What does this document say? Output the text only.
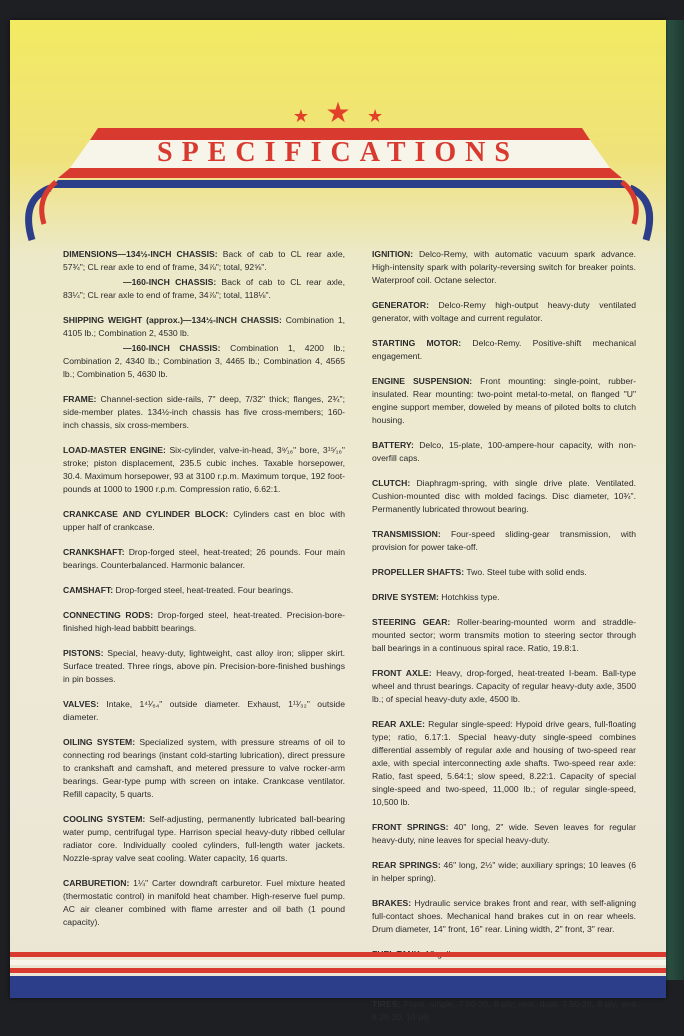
★ ★ ★
SPECIFICATIONS

DIMENSIONS—134½-INCH CHASSIS: Back of cab to CL rear axle, 57¾"; CL rear axle to end of frame, 34⅞"; total, 92⅝".

—160-INCH CHASSIS: Back of cab to CL rear axle, 83¼"; CL rear axle to end of frame, 34⅞"; total, 118⅛".

SHIPPING WEIGHT (approx.)—134½-INCH CHASSIS: Combination 1, 4105 lb.; Combination 2, 4530 lb.

—160-INCH CHASSIS: Combination 1, 4200 lb.; Combination 2, 4340 lb.; Combination 3, 4465 lb.; Combination 4, 4565 lb.; Combination 5, 4630 lb.

FRAME: Channel-section side-rails, 7" deep, 7/32" thick; flanges, 2¾"; side-member plates. 134½-inch chassis has five cross-members; 160-inch chassis, six cross-members.

LOAD-MASTER ENGINE: Six-cylinder, valve-in-head, 3⁹⁄₁₆" bore, 3¹⁵⁄₁₆" stroke; piston displacement, 235.5 cubic inches. Taxable horsepower, 30.4. Maximum horsepower, 93 at 3100 r.p.m. Maximum torque, 192 foot-pounds at 1000 to 1900 r.p.m. Compression ratio, 6.62:1.

CRANKCASE AND CYLINDER BLOCK: Cylinders cast en bloc with upper half of crankcase.

CRANKSHAFT: Drop-forged steel, heat-treated; 26 pounds. Four main bearings. Counterbalanced. Harmonic balancer.

CAMSHAFT: Drop-forged steel, heat-treated. Four bearings.

CONNECTING RODS: Drop-forged steel, heat-treated. Precision-bore-finished high-lead babbitt bearings.

PISTONS: Special, heavy-duty, lightweight, cast alloy iron; slipper skirt. Surface treated. Three rings, above pin. Precision-bore-finished bushings in pin bosses.

VALVES: Intake, 1⁴¹⁄₆₄" outside diameter. Exhaust, 1¹¹⁄₃₂" outside diameter.

OILING SYSTEM: Specialized system, with pressure streams of oil to connecting rod bearings (instant cold-starting lubrication), direct pressure to crankshaft and camshaft, and metered pressure to valve rocker-arm bearings. Gear-type pump with screen on intake. Crankcase ventilator. Refill capacity, 5 quarts.

COOLING SYSTEM: Self-adjusting, permanently lubricated ball-bearing water pump, centrifugal type. Harrison special heavy-duty ribbed cellular radiator core. Individually cooled cylinders, full-length water jackets. Nozzle-spray valve seat cooling. Water capacity, 16 quarts.

CARBURETION: 1¼" Carter downdraft carburetor. Fuel mixture heated (thermostatic control) in manifold heat chamber. High-reserve fuel pump. AC air cleaner combined with flame arrester and oil bath (1 pound capacity).

IGNITION: Delco-Remy, with automatic vacuum spark advance. High-intensity spark with polarity-reversing switch for breaker points. Waterproof coil. Octane selector.

GENERATOR: Delco-Remy high-output heavy-duty ventilated generator, with voltage and current regulator.

STARTING MOTOR: Delco-Remy. Positive-shift mechanical engagement.

ENGINE SUSPENSION: Front mounting: single-point, rubber-insulated. Rear mounting: two-point metal-to-metal, on flanged "U" engine support member, doweled by means of piloted bolts to clutch housing.

BATTERY: Delco, 15-plate, 100-ampere-hour capacity, with non-overfill caps.

CLUTCH: Diaphragm-spring, with single drive plate. Ventilated. Cushion-mounted disc with molded facings. Disc diameter, 10¾". Permanently lubricated throwout bearing.

TRANSMISSION: Four-speed sliding-gear transmission, with provision for power take-off.

PROPELLER SHAFTS: Two. Steel tube with solid ends.

DRIVE SYSTEM: Hotchkiss type.

STEERING GEAR: Roller-bearing-mounted worm and straddle-mounted sector; worm transmits motion to steering sector through ball bearings in a continuous spiral race. Ratio, 19.8:1.

FRONT AXLE: Heavy, drop-forged, heat-treated I-beam. Ball-type wheel and thrust bearings. Capacity of regular heavy-duty axle, 3500 lb.; of special heavy-duty axle, 4500 lb.

REAR AXLE: Regular single-speed: Hypoid drive gears, full-floating type; ratio, 6.17:1. Special heavy-duty single-speed combines differential assembly of regular axle and housing of two-speed rear axle, with special interconnecting axle shafts. Two-speed rear axle: Ratio, fast speed, 5.64:1; slow speed, 8.22:1. Capacity of special single-speed and two-speed, 11,000 lb.; of regular single-speed, 10,500 lb.

FRONT SPRINGS: 40" long, 2" wide. Seven leaves for regular heavy-duty, nine leaves for special heavy-duty.

REAR SPRINGS: 46" long, 2½" wide; auxiliary springs; 10 leaves (6 in helper spring).

BRAKES: Hydraulic service brakes front and rear, with self-aligning full-contact shoes. Mechanical hand brakes cut in on rear wheels. Drum diameter, 14" front, 16" rear. Lining width, 2" front, 3" rear.

TIRES: Front, single, 7.50-20, 8-ply; rear, dual, 7.50-20, 8-ply, and 8.25-20, 10-ply.
